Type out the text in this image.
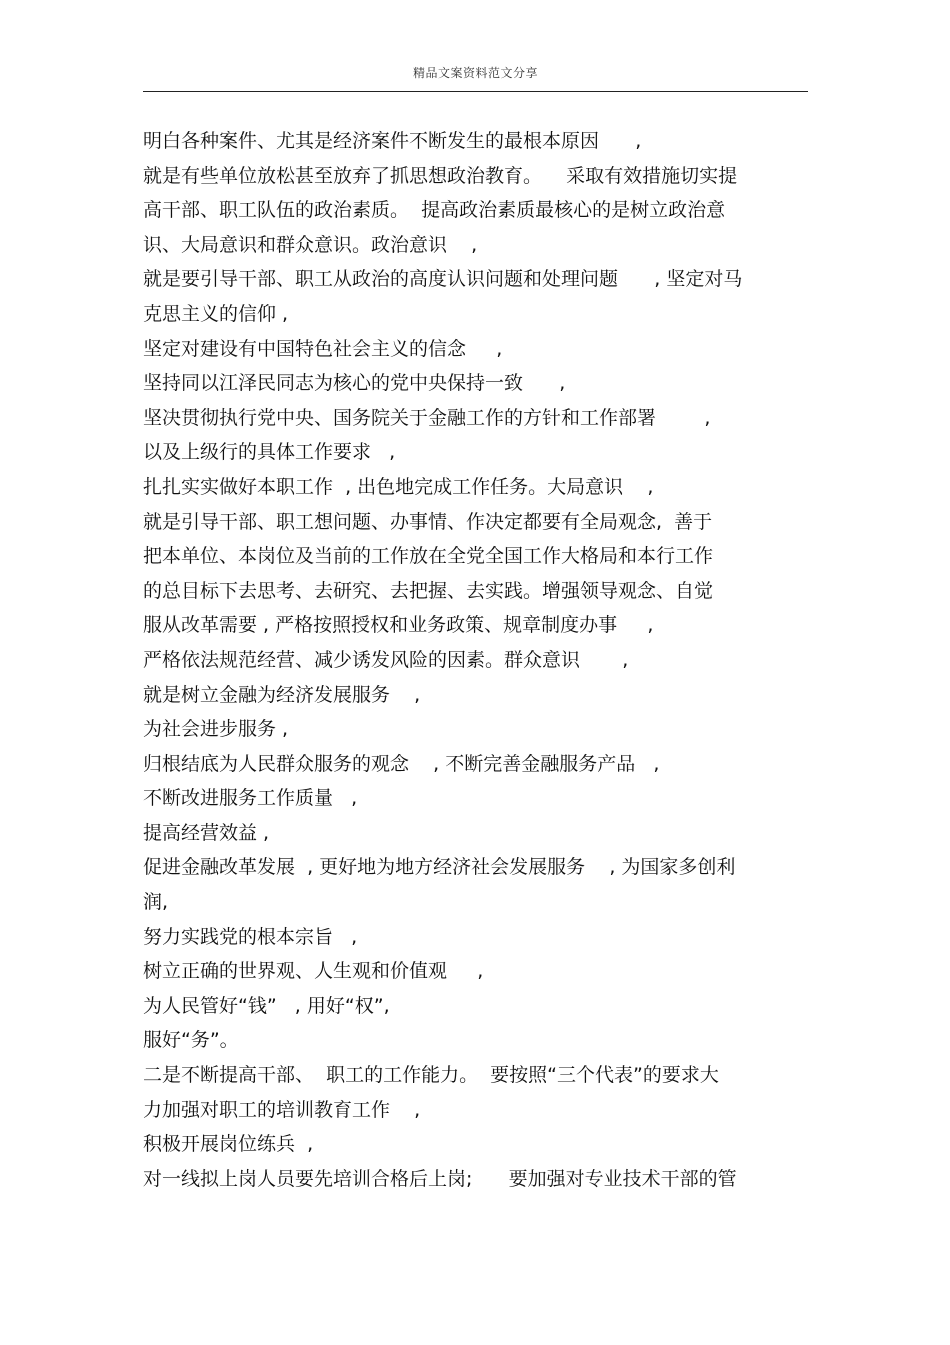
精品文案资料范文分享
明白各种案件、尤其是经济案件不断发生的最根本原因      ,
就是有些单位放松甚至放弃了抓思想政治教育。    采取有效措施切实提
高干部、职工队伍的政治素质。  提高政治素质最核心的是树立政治意
识、大局意识和群众意识。政治意识    ,
就是要引导干部、职工从政治的高度认识问题和处理问题      , 坚定对马
克思主义的信仰 ,
坚定对建设有中国特色社会主义的信念     ,
坚持同以江泽民同志为核心的党中央保持一致      ,
坚决贯彻执行党中央、国务院关于金融工作的方针和工作部署        ,
以及上级行的具体工作要求   ,
扎扎实实做好本职工作  , 出色地完成工作任务。大局意识    ,
就是引导干部、职工想问题、办事情、作决定都要有全局观念,  善于
把本单位、本岗位及当前的工作放在全党全国工作大格局和本行工作
的总目标下去思考、去研究、去把握、去实践。增强领导观念、自觉
服从改革需要 , 严格按照授权和业务政策、规章制度办事     ,
严格依法规范经营、减少诱发风险的因素。群众意识       ,
就是树立金融为经济发展服务    ,
为社会进步服务 ,
归根结底为人民群众服务的观念    , 不断完善金融服务产品   ,
不断改进服务工作质量   ,
提高经营效益 ,
促进金融改革发展  , 更好地为地方经济社会发展服务    , 为国家多创利
润,
努力实践党的根本宗旨   ,
树立正确的世界观、人生观和价值观     ,
为人民管好“钱”   , 用好“权”,
服好“务”。
二是不断提高干部、  职工的工作能力。  要按照“三个代表”的要求大
力加强对职工的培训教育工作    ,
积极开展岗位练兵  ,
对一线拟上岗人员要先培训合格后上岗;      要加强对专业技术干部的管
